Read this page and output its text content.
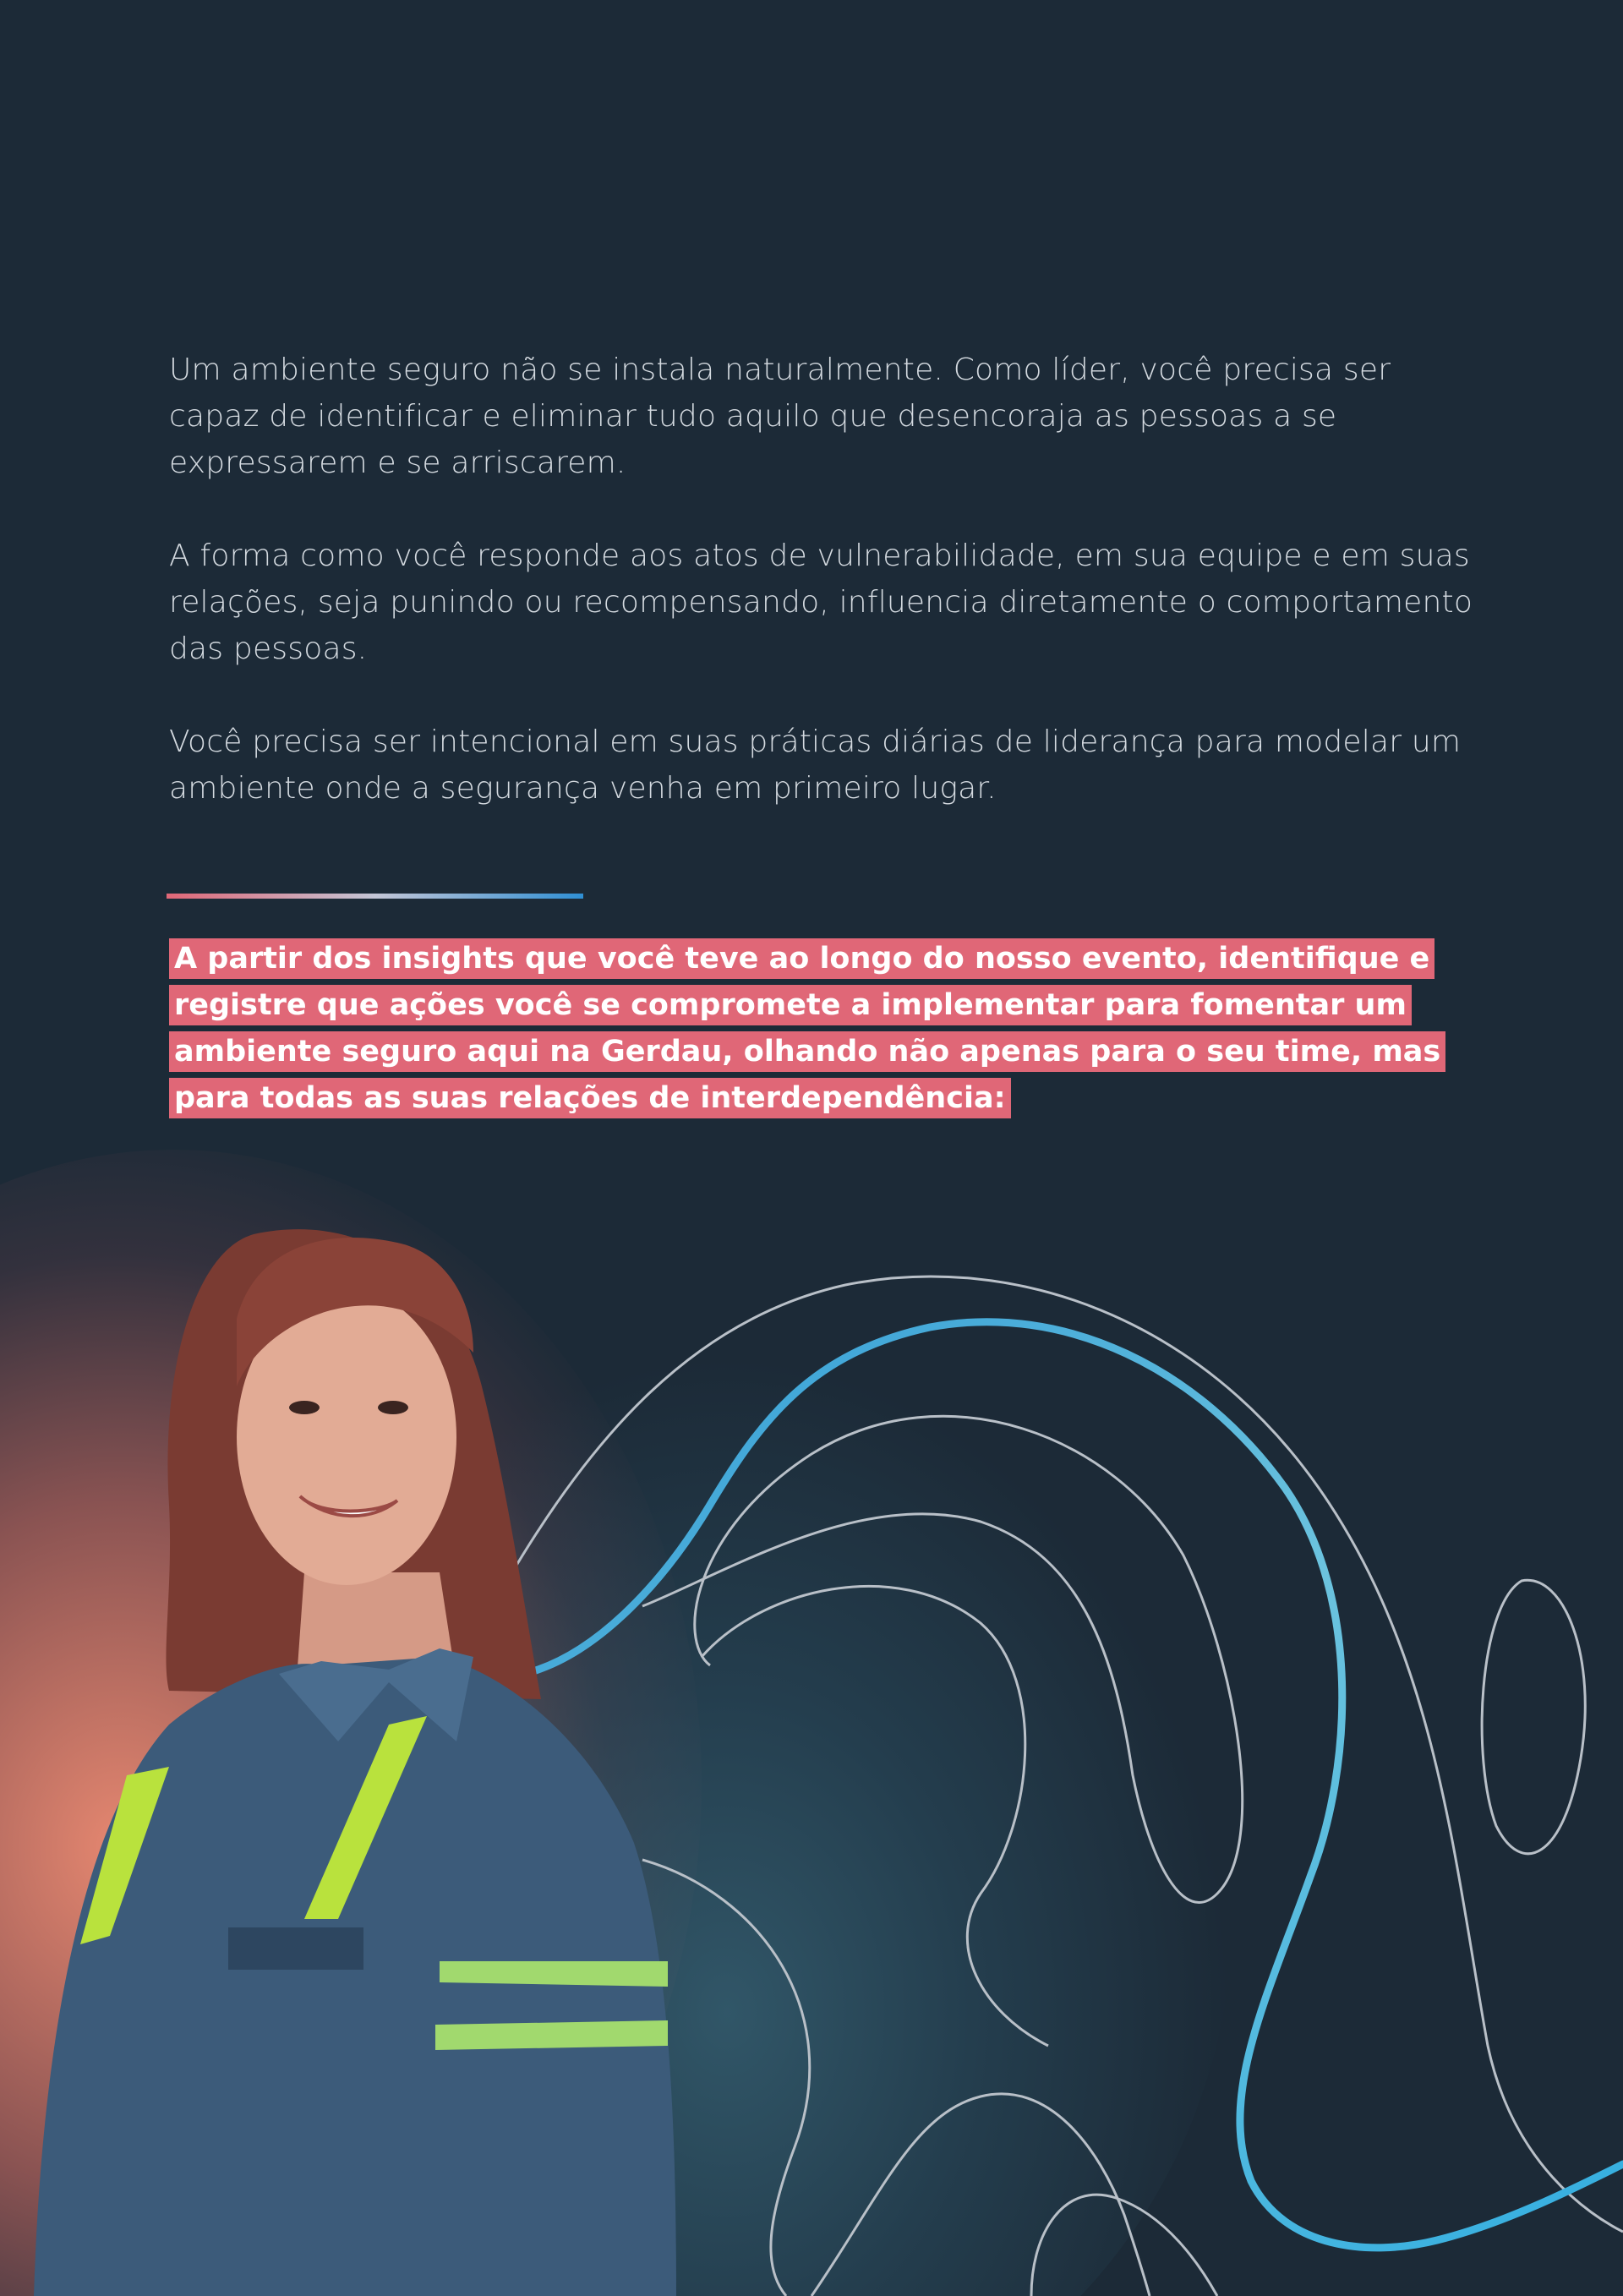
Um ambiente seguro não se instala naturalmente. Como líder, você precisa ser capaz de identificar e eliminar tudo aquilo que desencoraja as pessoas a se expressarem e se arriscarem.

A forma como você responde aos atos de vulnerabilidade, em sua equipe e em suas relações, seja punindo ou recompensando, influencia diretamente o comportamento das pessoas.

Você precisa ser intencional em suas práticas diárias de liderança para modelar um ambiente onde a segurança venha em primeiro lugar.

A partir dos insights que você teve ao longo do nosso evento, identifique e registre que ações você se compromete a implementar para fomentar um ambiente seguro aqui na Gerdau, olhando não apenas para o seu time, mas para todas as suas relações de interdependência:
